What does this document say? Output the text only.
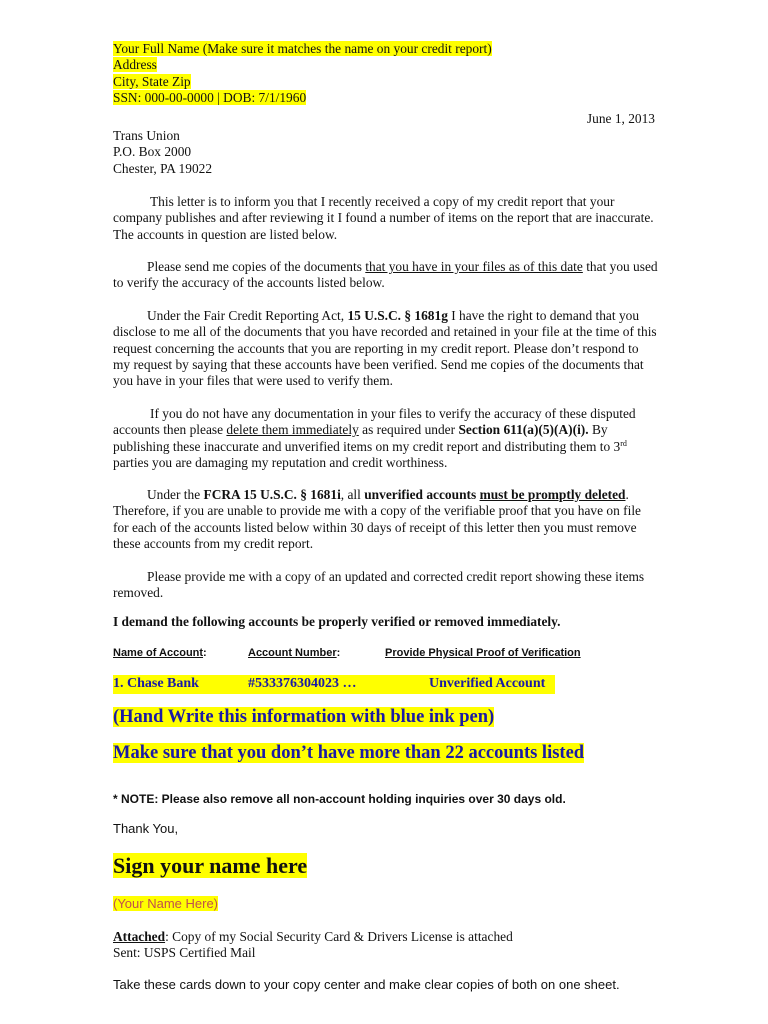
Your Full Name (Make sure it matches the name on your credit report)
Address
City, State Zip
SSN: 000-00-0000 | DOB: 7/1/1960
June 1, 2013
Trans Union
P.O. Box 2000
Chester, PA 19022
This letter is to inform you that I recently received a copy of my credit report that your company publishes and after reviewing it I found a number of items on the report that are inaccurate. The accounts in question are listed below.
Please send me copies of the documents that you have in your files as of this date that you used to verify the accuracy of the accounts listed below.
Under the Fair Credit Reporting Act, 15 U.S.C. § 1681g I have the right to demand that you disclose to me all of the documents that you have recorded and retained in your file at the time of this request concerning the accounts that you are reporting in my credit report. Please don’t respond to my request by saying that these accounts have been verified. Send me copies of the documents that you have in your files that were used to verify them.
If you do not have any documentation in your files to verify the accuracy of these disputed accounts then please delete them immediately as required under Section 611(a)(5)(A)(i). By publishing these inaccurate and unverified items on my credit report and distributing them to 3rd parties you are damaging my reputation and credit worthiness.
Under the FCRA 15 U.S.C. § 1681i, all unverified accounts must be promptly deleted. Therefore, if you are unable to provide me with a copy of the verifiable proof that you have on file for each of the accounts listed below within 30 days of receipt of this letter then you must remove these accounts from my credit report.
Please provide me with a copy of an updated and corrected credit report showing these items removed.
I demand the following accounts be properly verified or removed immediately.
Name of Account:	Account Number:	Provide Physical Proof of Verification
1. Chase Bank	#533376304023 …	Unverified Account
(Hand Write this information with blue ink pen)
Make sure that you don’t have more than 22 accounts listed
* NOTE: Please also remove all non-account holding inquiries over 30 days old.
Thank You,
Sign your name here
(Your Name Here)
Attached: Copy of my Social Security Card & Drivers License is attached
Sent: USPS Certified Mail
Take these cards down to your copy center and make clear copies of both on one sheet.
